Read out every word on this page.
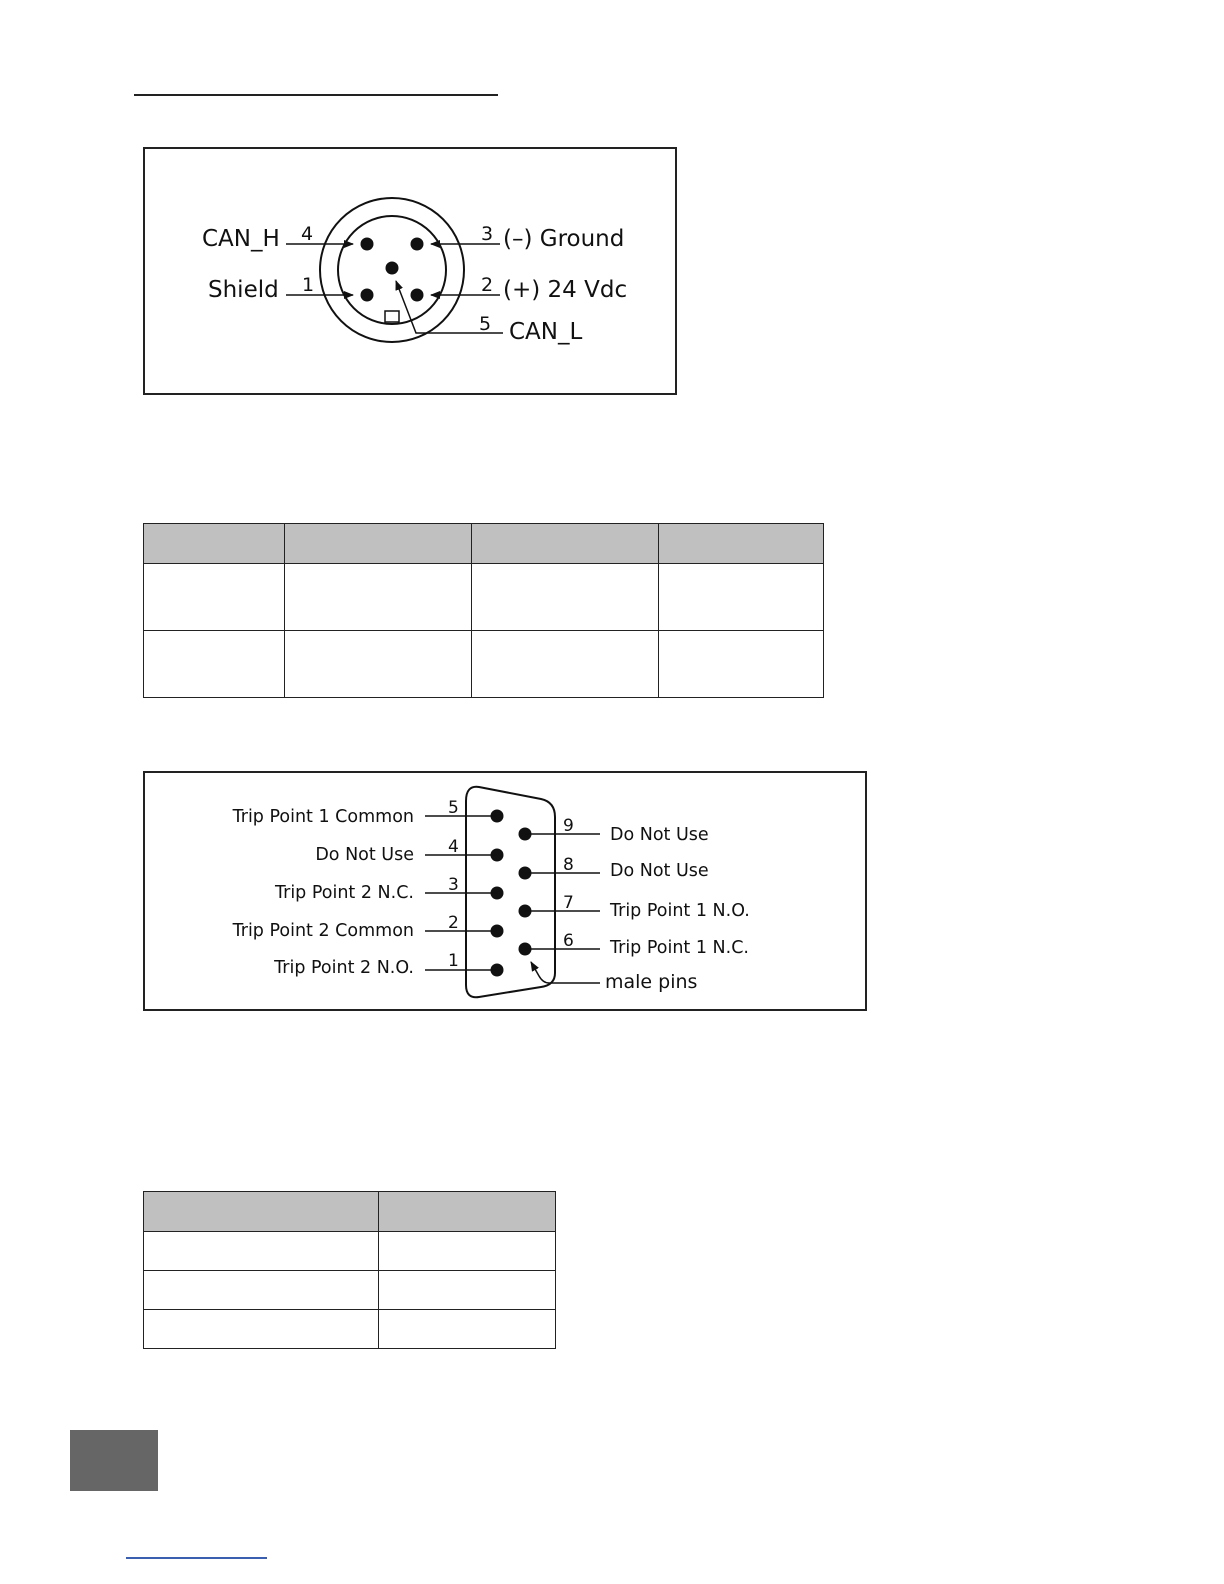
CAN_H
Shield
(–) Ground
(+) 24 Vdc
CAN_L
4
1
3
2
5

Trip Point 1 Common
Do Not Use
Trip Point 2 N.C.
Trip Point 2 Common
Trip Point 2 N.O.
Do Not Use
Do Not Use
Trip Point 1 N.O.
Trip Point 1 N.C.
male pins
5
4
3
2
1
9
8
7
6
